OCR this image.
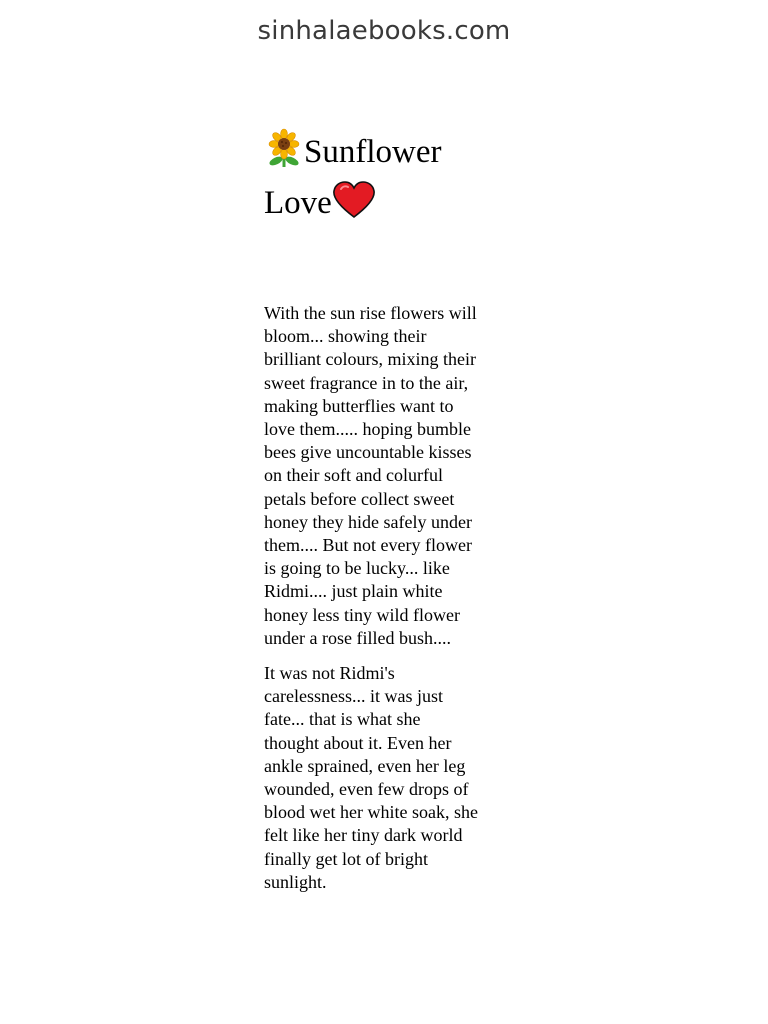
sinhalaebooks.com
Sunflower
Love

With the sun rise flowers will
bloom... showing their
brilliant colours, mixing their
sweet fragrance in to the air,
making butterflies want to
love them..... hoping bumble
bees give uncountable kisses
on their soft and colurful
petals before collect sweet
honey they hide safely under
them.... But not every flower
is going to be lucky... like
Ridmi.... just plain white
honey less tiny wild flower
under a rose filled bush....

It was not Ridmi's
carelessness... it was just
fate... that is what she
thought about it. Even her
ankle sprained, even her leg
wounded, even few drops of
blood wet her white soak, she
felt like her tiny dark world
finally get lot of bright
sunlight.
